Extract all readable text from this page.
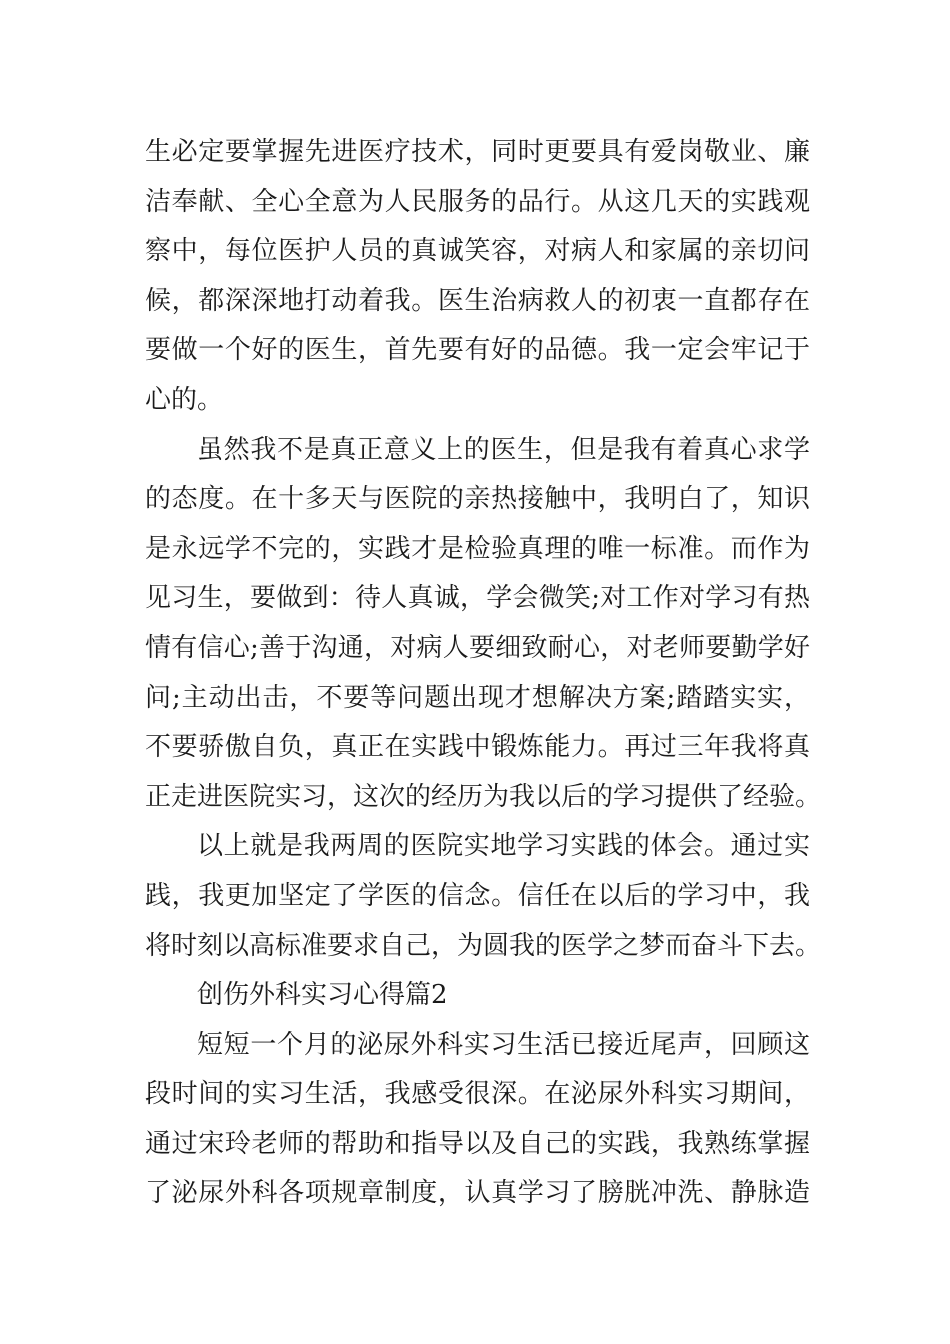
生必定要掌握先进医疗技术，同时更要具有爱岗敬业、廉
洁奉献、全心全意为人民服务的品行。从这几天的实践观
察中，每位医护人员的真诚笑容，对病人和家属的亲切问
候，都深深地打动着我。医生治病救人的初衷一直都存在
要做一个好的医生，首先要有好的品德。我一定会牢记于
心的。
虽然我不是真正意义上的医生，但是我有着真心求学
的态度。在十多天与医院的亲热接触中，我明白了，知识
是永远学不完的，实践才是检验真理的唯一标准。而作为
见习生，要做到：待人真诚，学会微笑;对工作对学习有热
情有信心;善于沟通，对病人要细致耐心，对老师要勤学好
问;主动出击，不要等问题出现才想解决方案;踏踏实实，
不要骄傲自负，真正在实践中锻炼能力。再过三年我将真
正走进医院实习，这次的经历为我以后的学习提供了经验。
以上就是我两周的医院实地学习实践的体会。通过实
践，我更加坚定了学医的信念。信任在以后的学习中，我
将时刻以高标准要求自己，为圆我的医学之梦而奋斗下去。
创伤外科实习心得篇2
短短一个月的泌尿外科实习生活已接近尾声，回顾这
段时间的实习生活，我感受很深。在泌尿外科实习期间，
通过宋玲老师的帮助和指导以及自己的实践，我熟练掌握
了泌尿外科各项规章制度，认真学习了膀胱冲洗、静脉造
